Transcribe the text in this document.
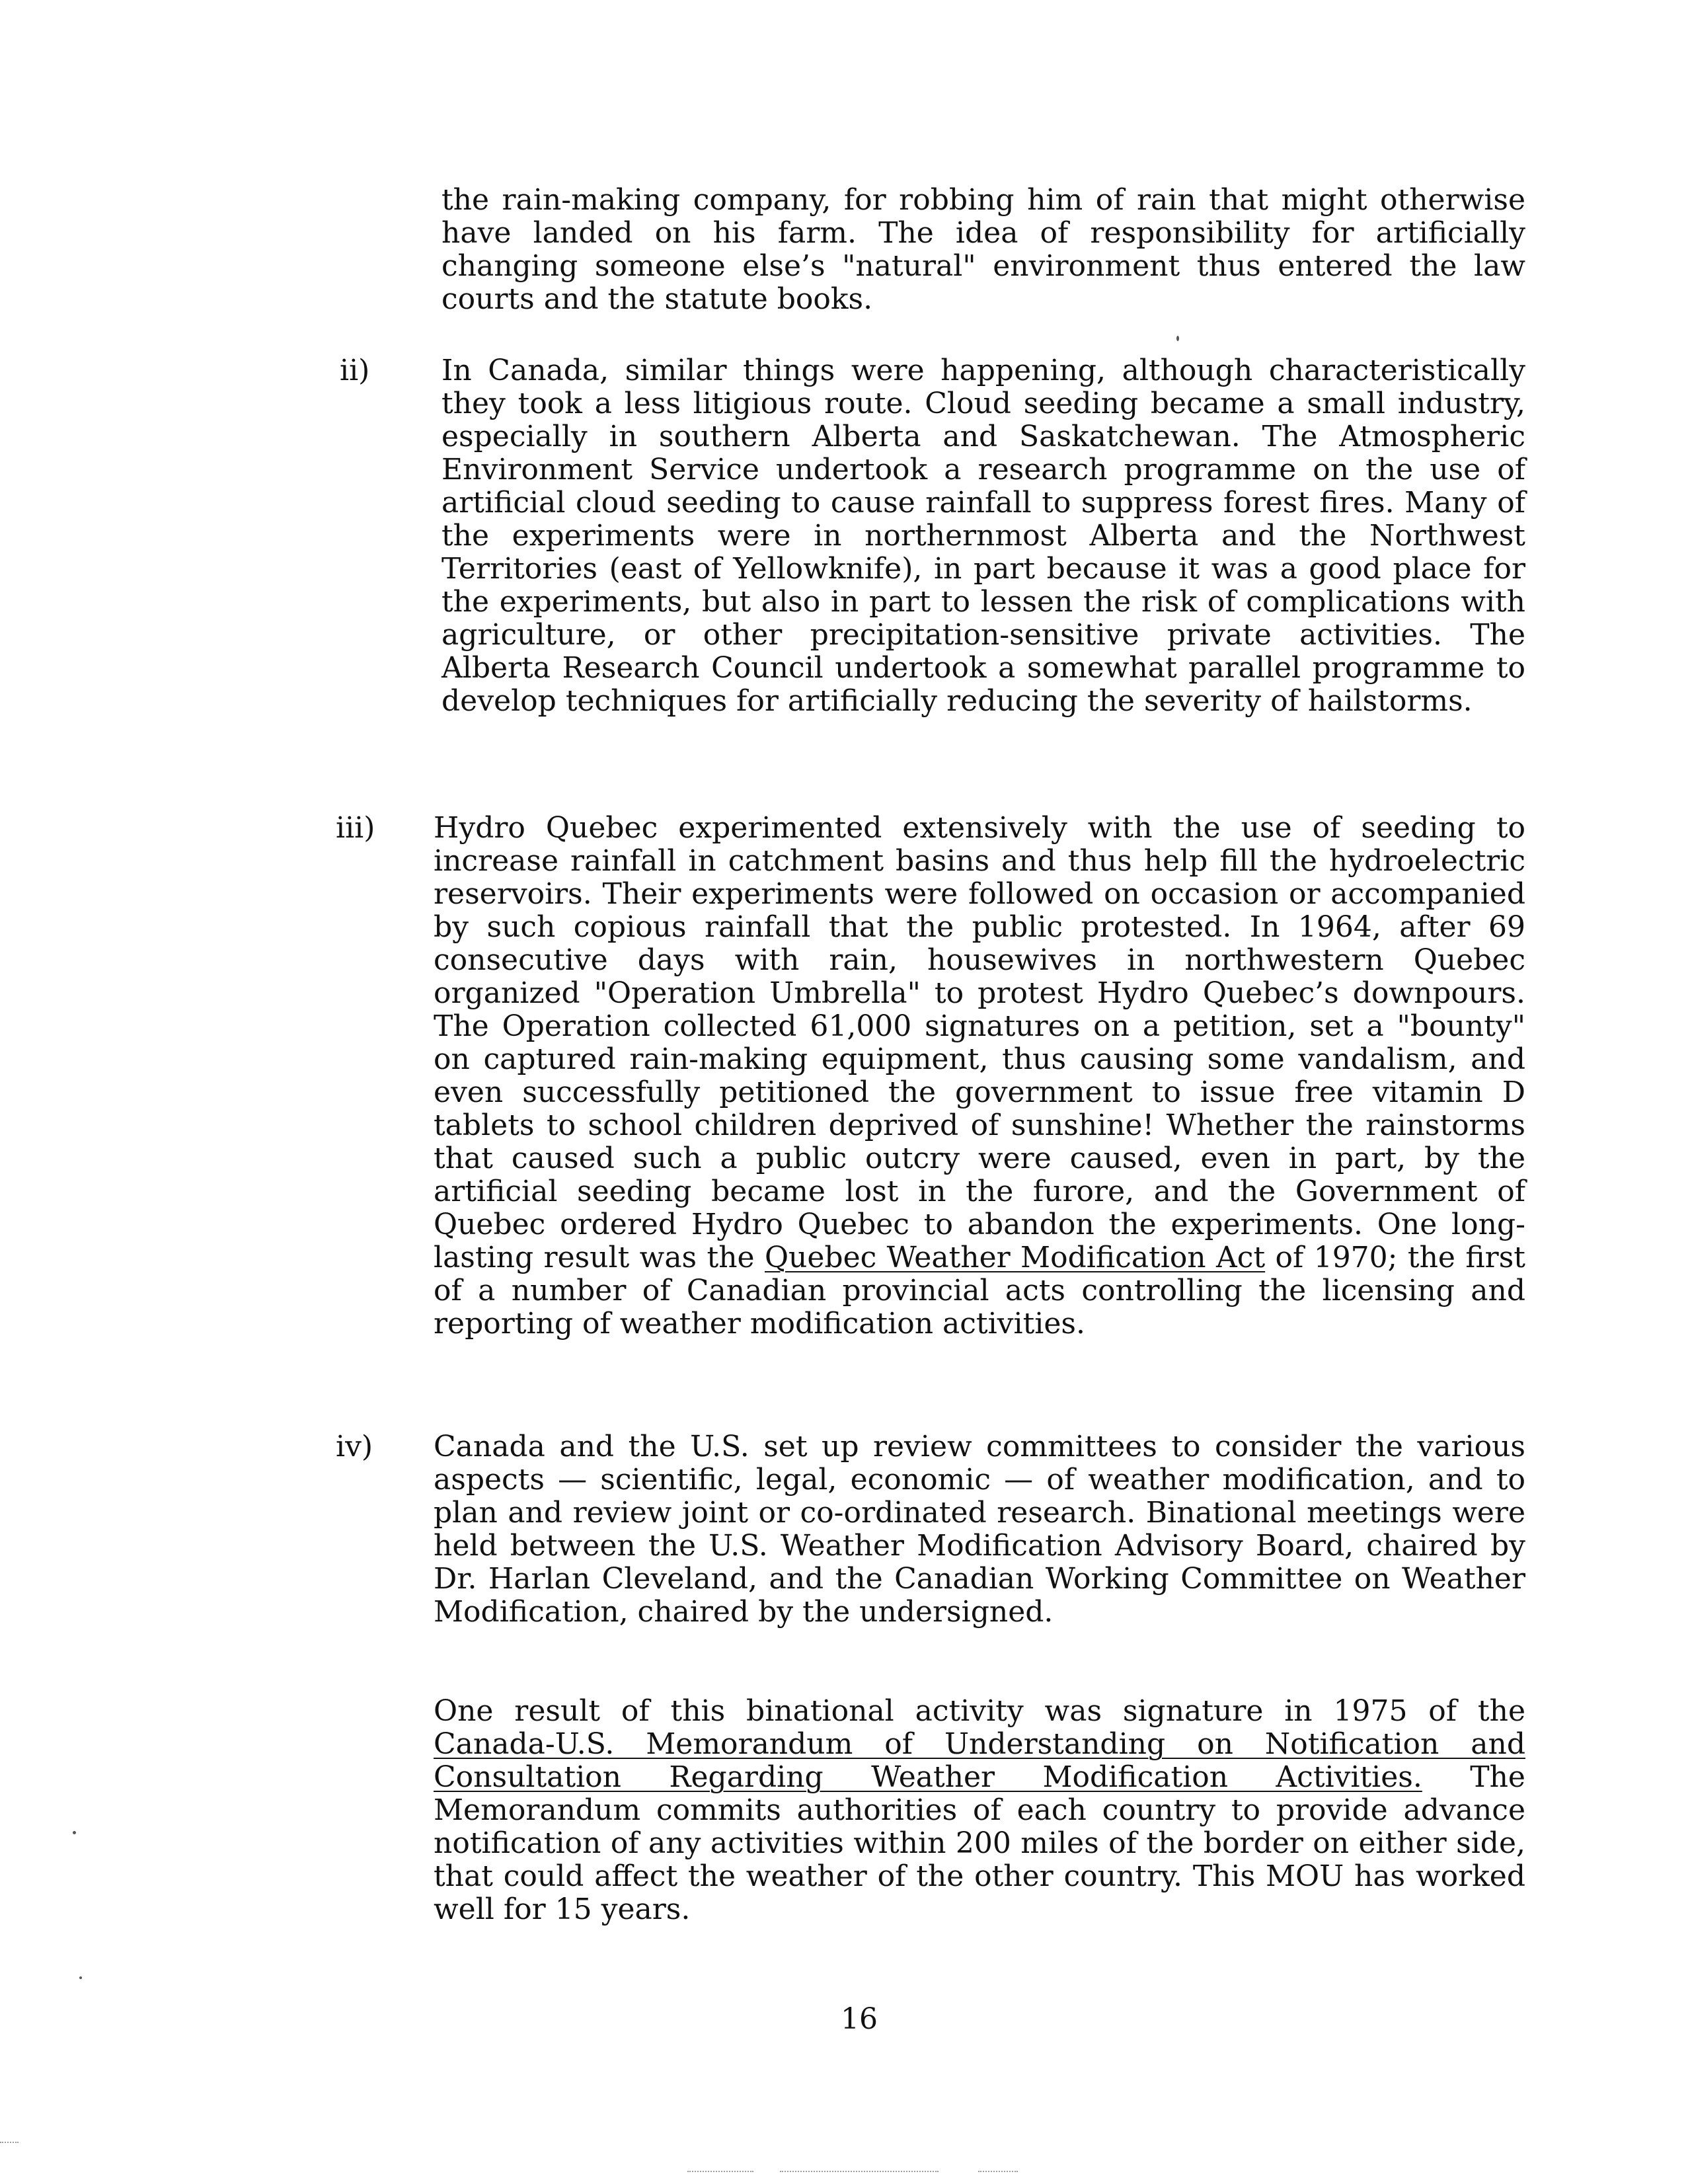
the rain-making company, for robbing him of rain that might otherwise have landed on his farm. The idea of responsibility for artificially changing someone else’s "natural" environment thus entered the law courts and the statute books.

ii) In Canada, similar things were happening, although characteristically they took a less litigious route. Cloud seeding became a small industry, especially in southern Alberta and Saskatchewan. The Atmospheric Environment Service undertook a research programme on the use of artificial cloud seeding to cause rainfall to suppress forest fires. Many of the experiments were in northernmost Alberta and the Northwest Territories (east of Yellowknife), in part because it was a good place for the experiments, but also in part to lessen the risk of complications with agriculture, or other precipitation-sensitive private activities. The Alberta Research Council undertook a somewhat parallel programme to develop techniques for artificially reducing the severity of hailstorms.

iii) Hydro Quebec experimented extensively with the use of seeding to increase rainfall in catchment basins and thus help fill the hydroelectric reservoirs. Their experiments were followed on occasion or accompanied by such copious rainfall that the public protested. In 1964, after 69 consecutive days with rain, housewives in northwestern Quebec organized "Operation Umbrella" to protest Hydro Quebec’s downpours. The Operation collected 61,000 signatures on a petition, set a "bounty" on captured rain-making equipment, thus causing some vandalism, and even successfully petitioned the government to issue free vitamin D tablets to school children deprived of sunshine! Whether the rainstorms that caused such a public outcry were caused, even in part, by the artificial seeding became lost in the furore, and the Government of Quebec ordered Hydro Quebec to abandon the experiments. One long-lasting result was the Quebec Weather Modification Act of 1970; the first of a number of Canadian provincial acts controlling the licensing and reporting of weather modification activities.

iv) Canada and the U.S. set up review committees to consider the various aspects — scientific, legal, economic — of weather modification, and to plan and review joint or co-ordinated research. Binational meetings were held between the U.S. Weather Modification Advisory Board, chaired by Dr. Harlan Cleveland, and the Canadian Working Committee on Weather Modification, chaired by the undersigned.

One result of this binational activity was signature in 1975 of the Canada-U.S. Memorandum of Understanding on Notification and Consultation Regarding Weather Modification Activities. The Memorandum commits authorities of each country to provide advance notification of any activities within 200 miles of the border on either side, that could affect the weather of the other country. This MOU has worked well for 15 years.

16
